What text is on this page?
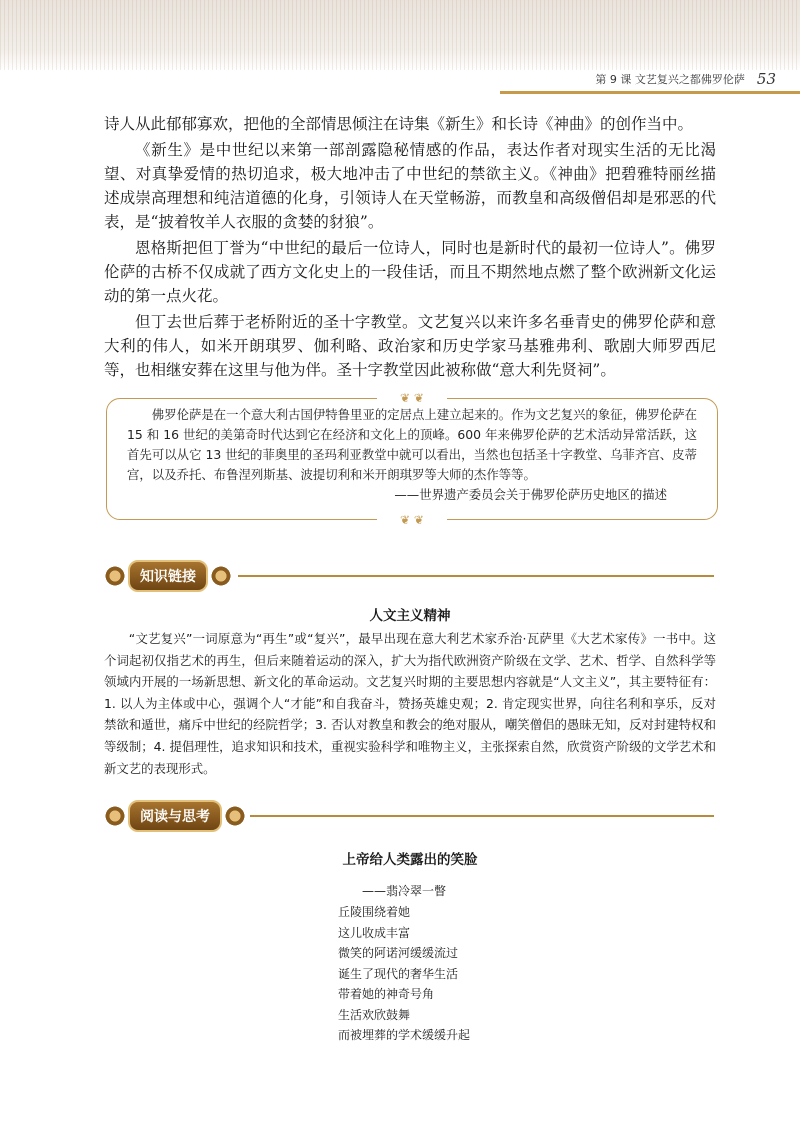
第 9 课 文艺复兴之都佛罗伦萨 53

诗人从此郁郁寡欢，把他的全部情思倾注在诗集《新生》和长诗《神曲》的创作当中。

《新生》是中世纪以来第一部剖露隐秘情感的作品，表达作者对现实生活的无比渴望、对真挚爱情的热切追求，极大地冲击了中世纪的禁欲主义。《神曲》把碧雅特丽丝描述成崇高理想和纯洁道德的化身，引领诗人在天堂畅游，而教皇和高级僧侣却是邪恶的代表，是“披着牧羊人衣服的贪婪的豺狼”。

恩格斯把但丁誉为“中世纪的最后一位诗人，同时也是新时代的最初一位诗人”。佛罗伦萨的古桥不仅成就了西方文化史上的一段佳话，而且不期然地点燃了整个欧洲新文化运动的第一点火花。

但丁去世后葬于老桥附近的圣十字教堂。文艺复兴以来许多名垂青史的佛罗伦萨和意大利的伟人，如米开朗琪罗、伽利略、政治家和历史学家马基雅弗利、歌剧大师罗西尼等，也相继安葬在这里与他为伴。圣十字教堂因此被称做“意大利先贤祠”。

❦ ❦

佛罗伦萨是在一个意大利古国伊特鲁里亚的定居点上建立起来的。作为文艺复兴的象征，佛罗伦萨在 15 和 16 世纪的美第奇时代达到它在经济和文化上的顶峰。600 年来佛罗伦萨的艺术活动异常活跃，这首先可以从它 13 世纪的菲奥里的圣玛利亚教堂中就可以看出，当然也包括圣十字教堂、乌菲齐宫、皮蒂宫，以及乔托、布鲁涅列斯基、波提切利和米开朗琪罗等大师的杰作等等。

——世界遗产委员会关于佛罗伦萨历史地区的描述
❦ ❦
知识链接
人文主义精神

“文艺复兴”一词原意为“再生”或“复兴”，最早出现在意大利艺术家乔治·瓦萨里《大艺术家传》一书中。这个词起初仅指艺术的再生，但后来随着运动的深入，扩大为指代欧洲资产阶级在文学、艺术、哲学、自然科学等领域内开展的一场新思想、新文化的革命运动。文艺复兴时期的主要思想内容就是“人文主义”，其主要特征有：1. 以人为主体或中心，强调个人“才能”和自我奋斗，赞扬英雄史观；2. 肯定现实世界，向往名利和享乐，反对禁欲和遁世，痛斥中世纪的经院哲学；3. 否认对教皇和教会的绝对服从，嘲笑僧侣的愚昧无知，反对封建特权和等级制；4. 提倡理性，追求知识和技术，重视实验科学和唯物主义，主张探索自然，欣赏资产阶级的文学艺术和新文艺的表现形式。

阅读与思考
上帝给人类露出的笑脸
——翡冷翠一瞥
丘陵围绕着她
这儿收成丰富
微笑的阿诺河缓缓流过
诞生了现代的奢华生活
带着她的神奇号角
生活欢欣鼓舞
而被埋葬的学术缓缓升起
